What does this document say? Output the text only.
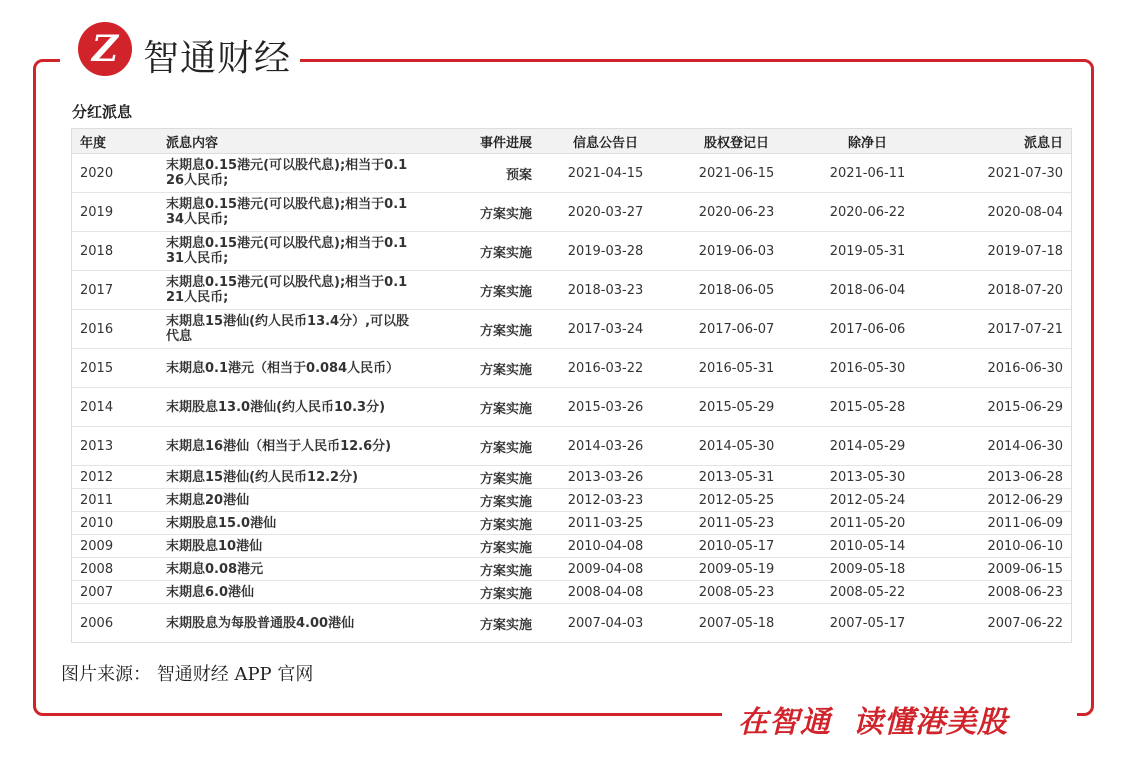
Z 智通财经
分红派息
年度	派息内容	事件进展	信息公告日	股权登记日	除净日	派息日
2020	末期息0.15港元(可以股代息);相当于0.126人民币;	预案	2021-04-15	2021-06-15	2021-06-11	2021-07-30
2019	末期息0.15港元(可以股代息);相当于0.134人民币;	方案实施	2020-03-27	2020-06-23	2020-06-22	2020-08-04
2018	末期息0.15港元(可以股代息);相当于0.131人民币;	方案实施	2019-03-28	2019-06-03	2019-05-31	2019-07-18
2017	末期息0.15港元(可以股代息);相当于0.121人民币;	方案实施	2018-03-23	2018-06-05	2018-06-04	2018-07-20
2016	末期息15港仙(约人民币13.4分）,可以股代息	方案实施	2017-03-24	2017-06-07	2017-06-06	2017-07-21
2015	末期息0.1港元（相当于0.084人民币）	方案实施	2016-03-22	2016-05-31	2016-05-30	2016-06-30
2014	末期股息13.0港仙(约人民币10.3分)	方案实施	2015-03-26	2015-05-29	2015-05-28	2015-06-29
2013	末期息16港仙（相当于人民币12.6分)	方案实施	2014-03-26	2014-05-30	2014-05-29	2014-06-30
2012	末期息15港仙(约人民币12.2分)	方案实施	2013-03-26	2013-05-31	2013-05-30	2013-06-28
2011	末期息20港仙	方案实施	2012-03-23	2012-05-25	2012-05-24	2012-06-29
2010	末期股息15.0港仙	方案实施	2011-03-25	2011-05-23	2011-05-20	2011-06-09
2009	末期股息10港仙	方案实施	2010-04-08	2010-05-17	2010-05-14	2010-06-10
2008	末期息0.08港元	方案实施	2009-04-08	2009-05-19	2009-05-18	2009-06-15
2007	末期息6.0港仙	方案实施	2008-04-08	2008-05-23	2008-05-22	2008-06-23
2006	末期股息为每股普通股4.00港仙	方案实施	2007-04-03	2007-05-18	2007-05-17	2007-06-22
图片来源： 智通财经 APP 官网
在智通 读懂港美股
